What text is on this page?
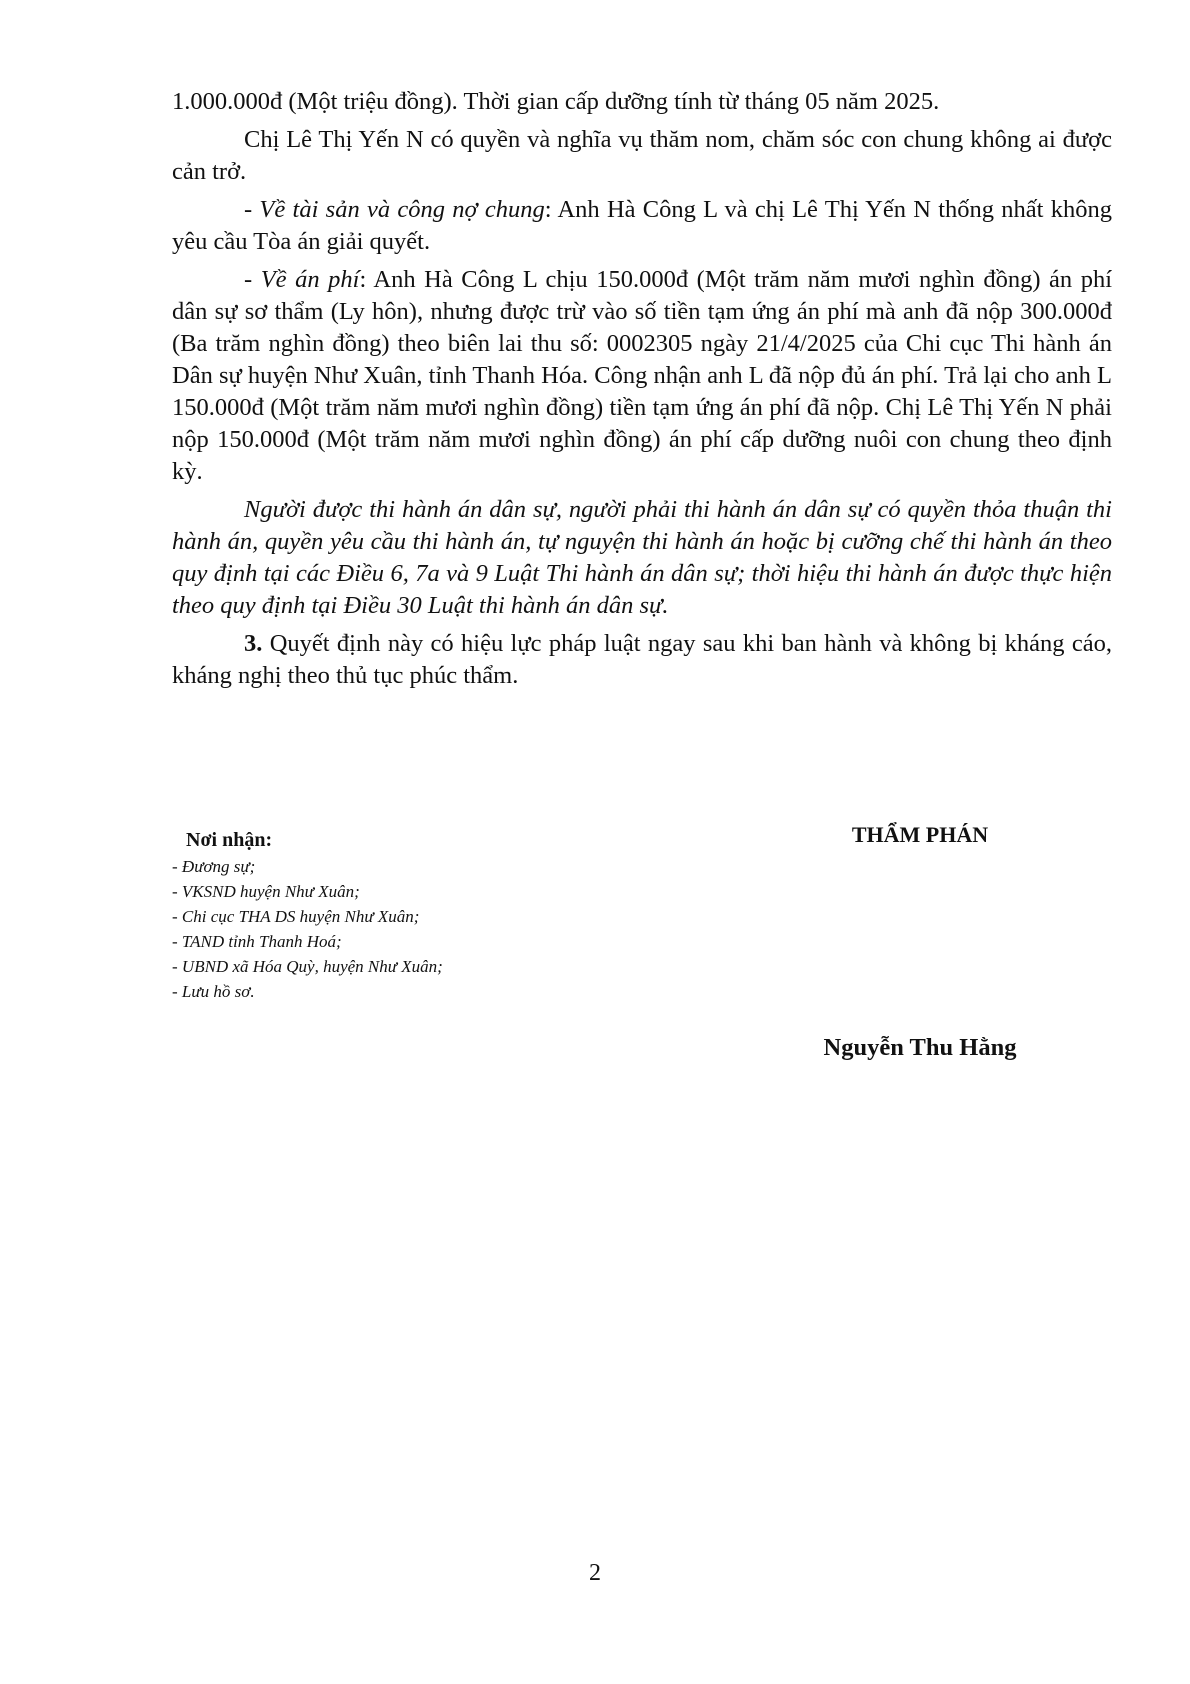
1.000.000đ (Một triệu đồng). Thời gian cấp dưỡng tính từ tháng 05 năm 2025.

Chị Lê Thị Yến N có quyền và nghĩa vụ thăm nom, chăm sóc con chung không ai được cản trở.

- Về tài sản và công nợ chung: Anh Hà Công L và chị Lê Thị Yến N thống nhất không yêu cầu Tòa án giải quyết.

- Về án phí: Anh Hà Công L chịu 150.000đ (Một trăm năm mươi nghìn đồng) án phí dân sự sơ thẩm (Ly hôn), nhưng được trừ vào số tiền tạm ứng án phí mà anh đã nộp 300.000đ (Ba trăm nghìn đồng) theo biên lai thu số: 0002305 ngày 21/4/2025 của Chi cục Thi hành án Dân sự huyện Như Xuân, tỉnh Thanh Hóa. Công nhận anh L đã nộp đủ án phí. Trả lại cho anh L 150.000đ (Một trăm năm mươi nghìn đồng) tiền tạm ứng án phí đã nộp. Chị Lê Thị Yến N phải nộp 150.000đ (Một trăm năm mươi nghìn đồng) án phí cấp dưỡng nuôi con chung theo định kỳ.

Người được thi hành án dân sự, người phải thi hành án dân sự có quyền thỏa thuận thi hành án, quyền yêu cầu thi hành án, tự nguyện thi hành án hoặc bị cưỡng chế thi hành án theo quy định tại các Điều 6, 7a và 9 Luật Thi hành án dân sự; thời hiệu thi hành án được thực hiện theo quy định tại Điều 30 Luật thi hành án dân sự.

3. Quyết định này có hiệu lực pháp luật ngay sau khi ban hành và không bị kháng cáo, kháng nghị theo thủ tục phúc thẩm.

Nơi nhận:
- Đương sự;
- VKSND huyện Như Xuân;
- Chi cục THA DS huyện Như Xuân;
- TAND tỉnh Thanh Hoá;
- UBND xã Hóa Quỳ, huyện Như Xuân;
- Lưu hồ sơ.
THẨM PHÁN
Nguyễn Thu Hằng
2
